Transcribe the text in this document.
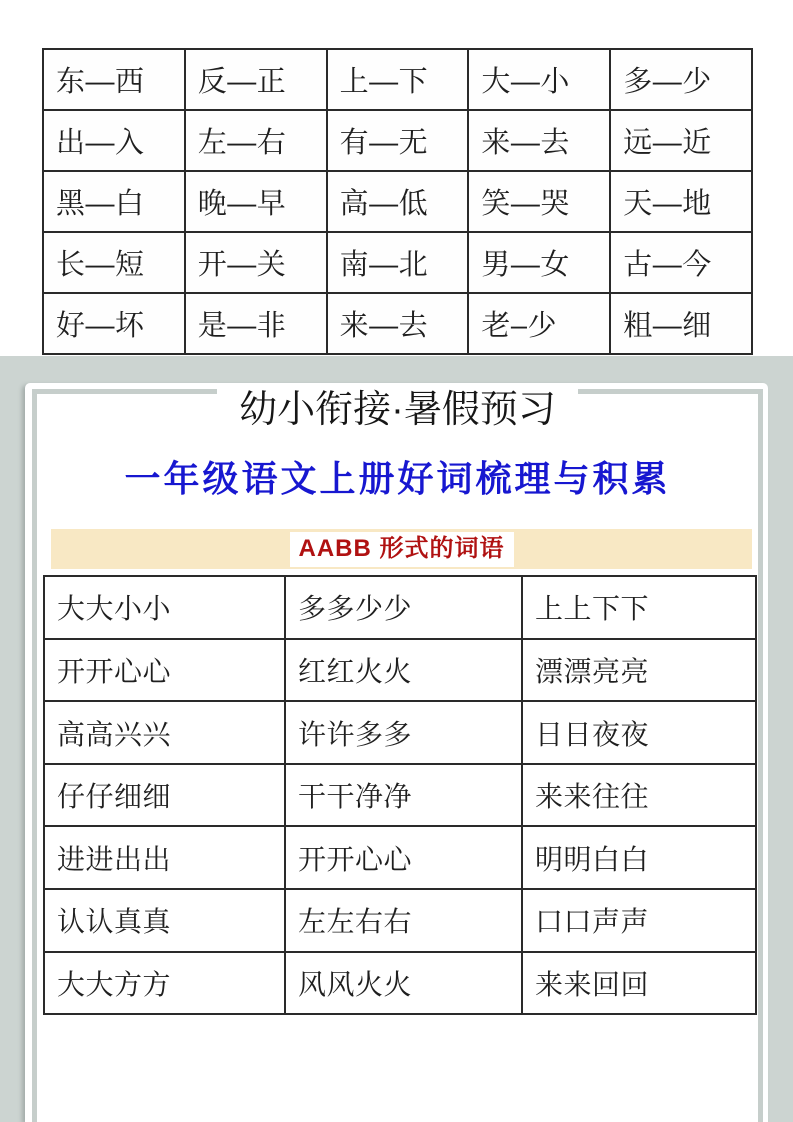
东—西	反—正	上—下	大—小	多—少
出—入	左—右	有—无	来—去	远—近
黑—白	晚—早	高—低	笑—哭	天—地
长—短	开—关	南—北	男—女	古—今
好—坏	是—非	来—去	老–少	粗—细
幼小衔接·暑假预习
一年级语文上册好词梳理与积累
AABB 形式的词语
大大小小	多多少少	上上下下
开开心心	红红火火	漂漂亮亮
高高兴兴	许许多多	日日夜夜
仔仔细细	干干净净	来来往往
进进出出	开开心心	明明白白
认认真真	左左右右	口口声声
大大方方	风风火火	来来回回
